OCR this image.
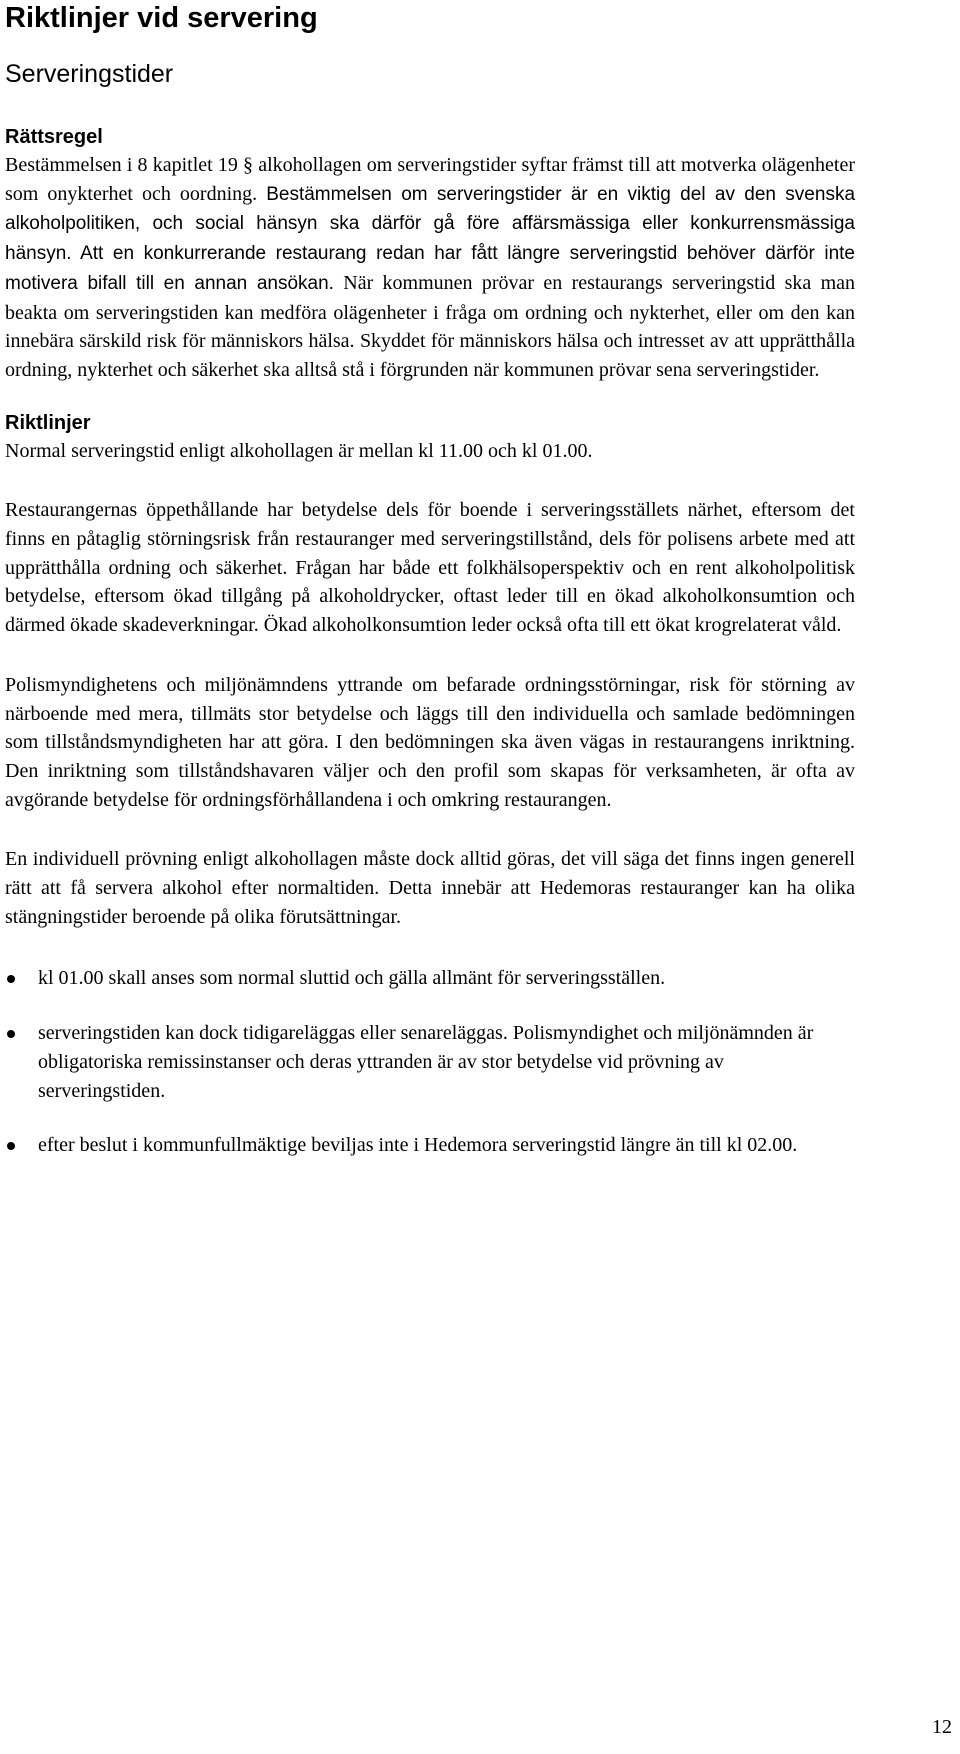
Riktlinjer vid servering
Serveringstider
Rättsregel

Bestämmelsen i 8 kapitlet 19 § alkohollagen om serveringstider syftar främst till att motverka olägenheter som onykterhet och oordning. Bestämmelsen om serveringstider är en viktig del av den svenska alkoholpolitiken, och social hänsyn ska därför gå före affärsmässiga eller konkurrensmässiga hänsyn. Att en konkurrerande restaurang redan har fått längre serveringstid behöver därför inte motivera bifall till en annan ansökan. När kommunen prövar en restaurangs serveringstid ska man beakta om serveringstiden kan medföra olägenheter i fråga om ordning och nykterhet, eller om den kan innebära särskild risk för människors hälsa. Skyddet för människors hälsa och intresset av att upprätthålla ordning, nykterhet och säkerhet ska alltså stå i förgrunden när kommunen prövar sena serveringstider.

Riktlinjer

Normal serveringstid enligt alkohollagen är mellan kl 11.00 och kl 01.00.

Restaurangernas öppethållande har betydelse dels för boende i serveringsställets närhet, eftersom det finns en påtaglig störningsrisk från restauranger med serveringstillstånd, dels för polisens arbete med att upprätthålla ordning och säkerhet. Frågan har både ett folkhälsoperspektiv och en rent alkoholpolitisk betydelse, eftersom ökad tillgång på alkoholdrycker, oftast leder till en ökad alkoholkonsumtion och därmed ökade skadeverkningar. Ökad alkoholkonsumtion leder också ofta till ett ökat krogrelaterat våld.

Polismyndighetens och miljönämndens yttrande om befarade ordningsstörningar, risk för störning av närboende med mera, tillmäts stor betydelse och läggs till den individuella och samlade bedömningen som tillståndsmyndigheten har att göra. I den bedömningen ska även vägas in restaurangens inriktning. Den inriktning som tillståndshavaren väljer och den profil som skapas för verksamheten, är ofta av avgörande betydelse för ordningsförhållandena i och omkring restaurangen.

En individuell prövning enligt alkohollagen måste dock alltid göras, det vill säga det finns ingen generell rätt att få servera alkohol efter normaltiden. Detta innebär att Hedemoras restauranger kan ha olika stängningstider beroende på olika förutsättningar.

kl 01.00 skall anses som normal sluttid och gälla allmänt för serveringsställen.
serveringstiden kan dock tidigareläggas eller senareläggas. Polismyndighet och miljönämnden är obligatoriska remissinstanser och deras yttranden är av stor betydelse vid prövning av serveringstiden.
efter beslut i kommunfullmäktige beviljas inte i Hedemora serveringstid längre än till kl 02.00.
12
